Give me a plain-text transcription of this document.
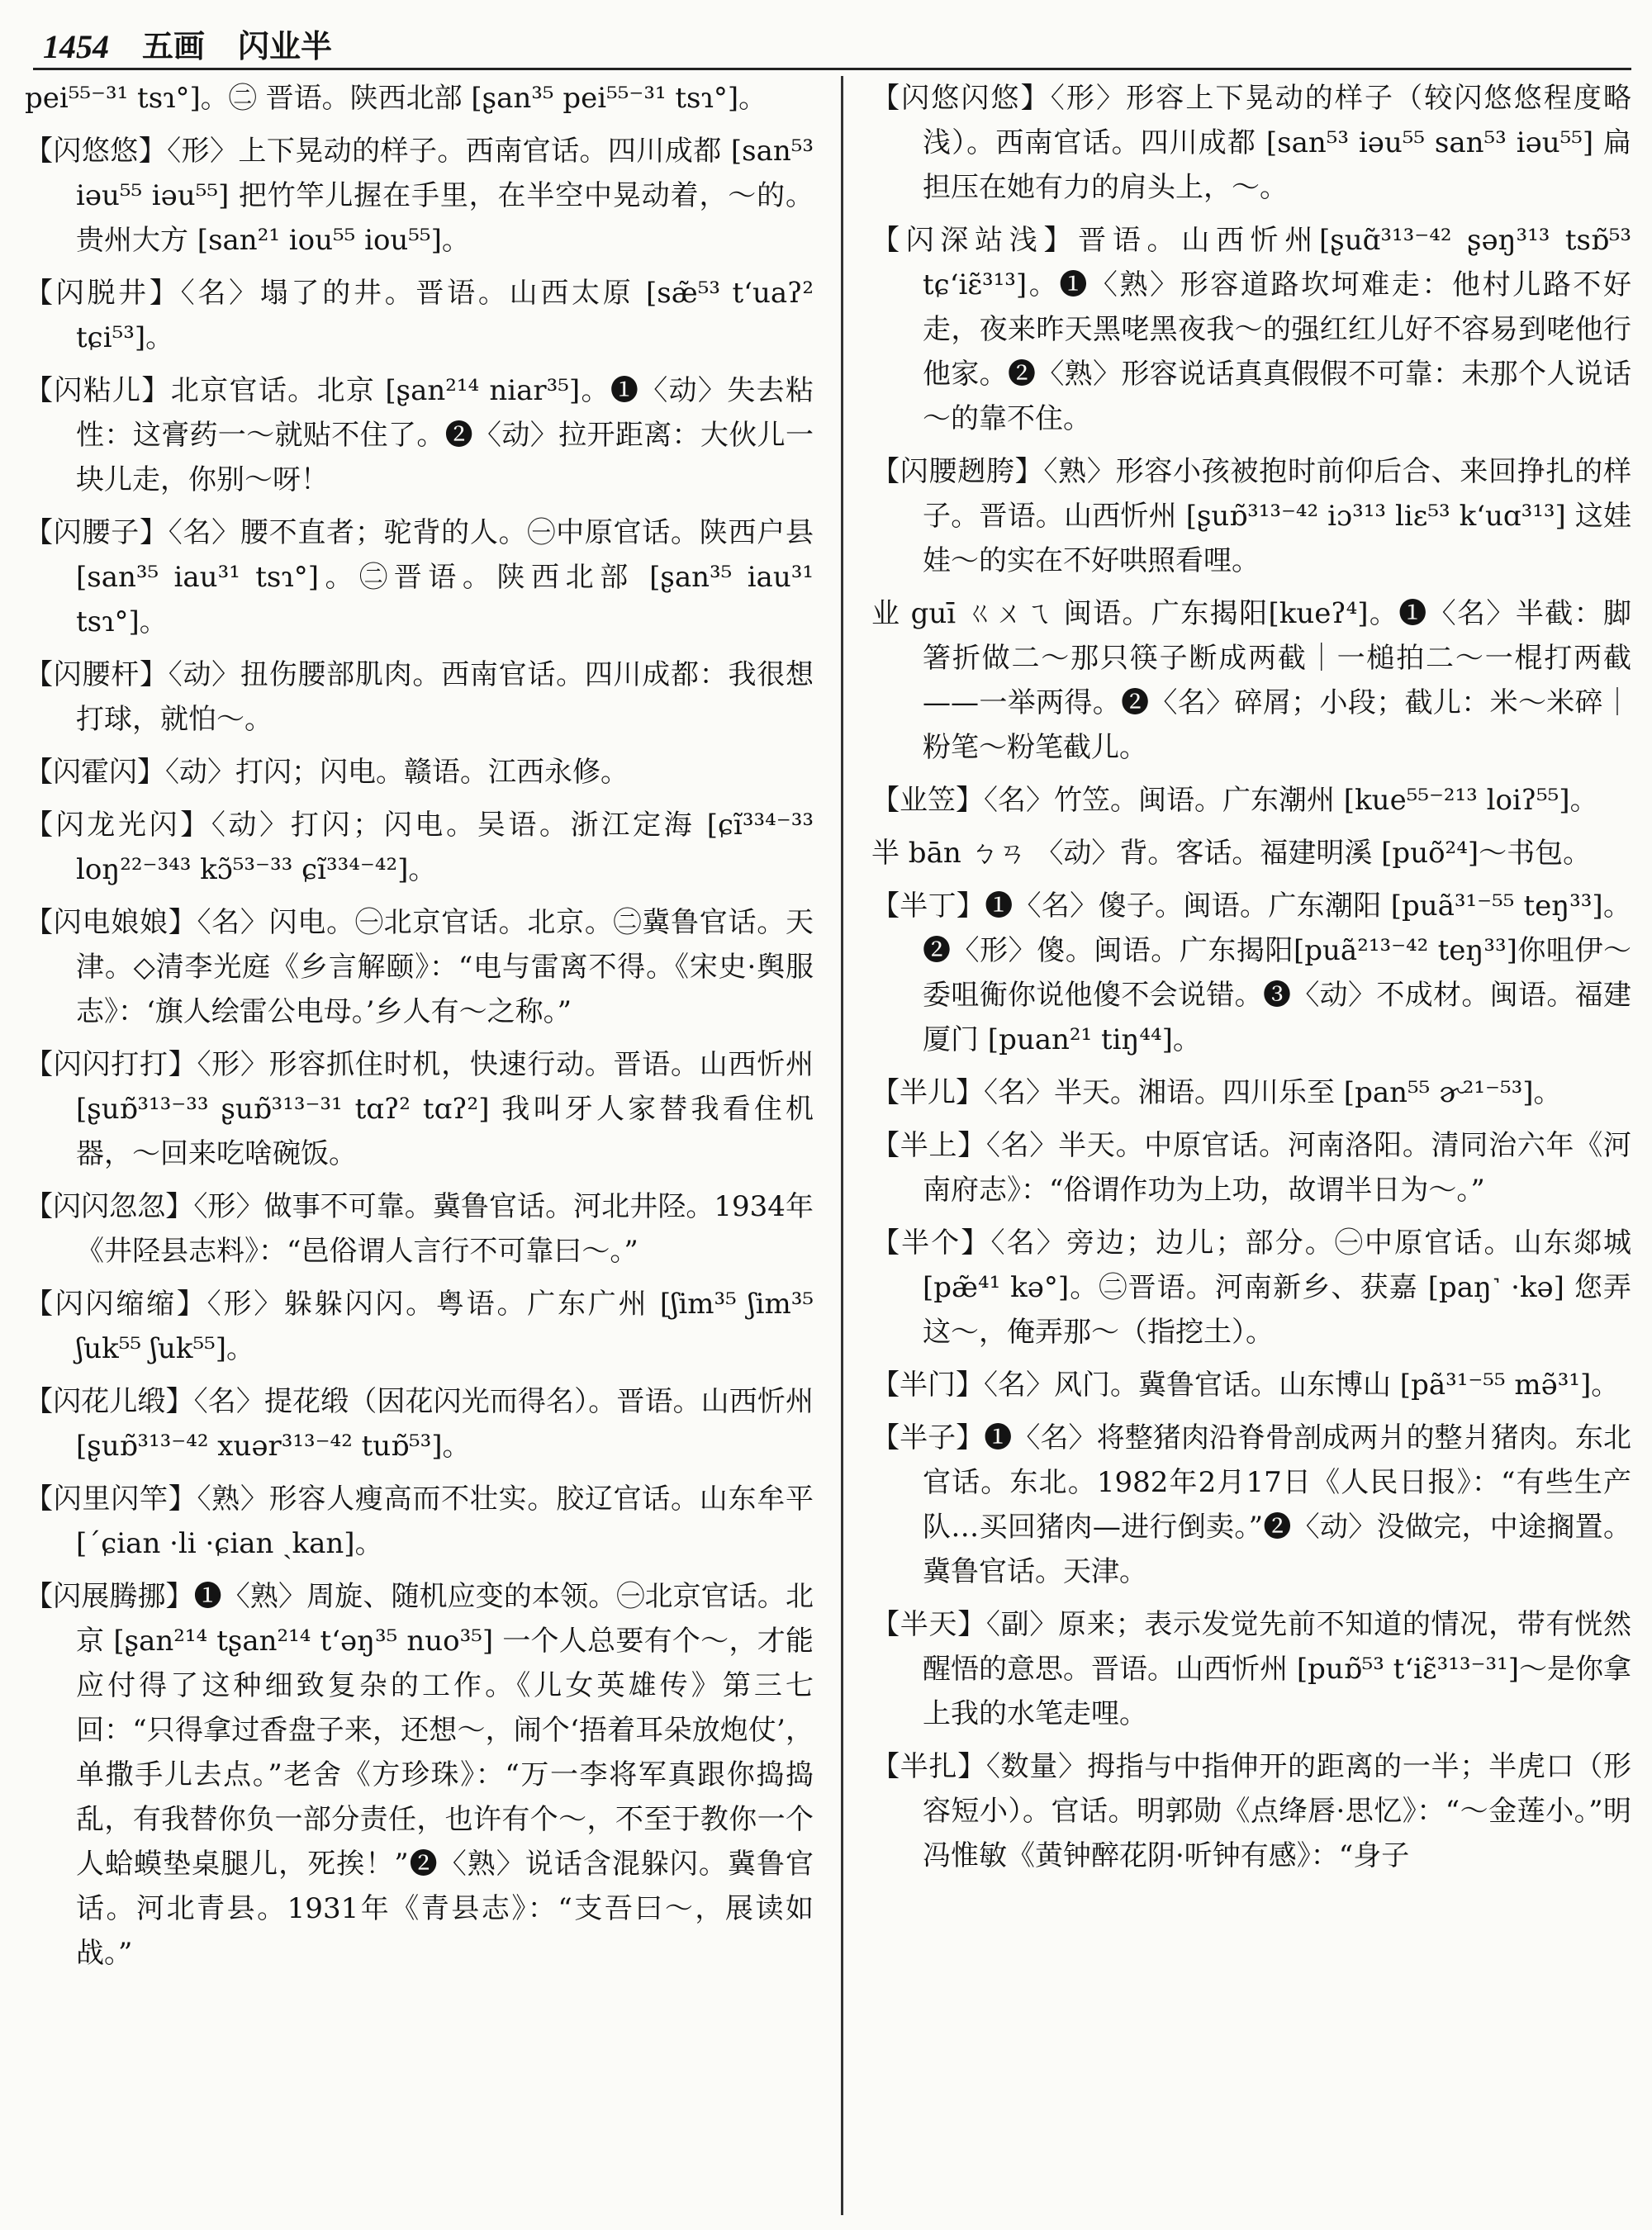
1454 五画 闪业半

pei⁵⁵⁻³¹ tsɿ°]。㊁ 晋语。陕西北部 [ʂan³⁵ pei⁵⁵⁻³¹ tsɿ°]。

【闪悠悠】〈形〉上下晃动的样子。西南官话。四川成都 [san⁵³ iəu⁵⁵ iəu⁵⁵] 把竹竿儿握在手里，在半空中晃动着，～的。贵州大方 [san²¹ iou⁵⁵ iou⁵⁵]。

【闪脱井】〈名〉塌了的井。晋语。山西太原 [sæ̃⁵³ tʻuaʔ² tɕi⁵³]。

【闪粘儿】北京官话。北京 [ʂan²¹⁴ niar³⁵]。❶〈动〉失去粘性：这膏药一～就贴不住了。❷〈动〉拉开距离：大伙儿一块儿走，你别～呀！

【闪腰子】〈名〉腰不直者；驼背的人。㊀中原官话。陕西户县 [san³⁵ iau³¹ tsɿ°]。㊁晋语。陕西北部 [ʂan³⁵ iau³¹ tsɿ°]。

【闪腰杆】〈动〉扭伤腰部肌肉。西南官话。四川成都：我很想打球，就怕～。

【闪霍闪】〈动〉打闪；闪电。赣语。江西永修。

【闪龙光闪】〈动〉打闪；闪电。吴语。浙江定海 [ɕĩ³³⁴⁻³³ loŋ²²⁻³⁴³ kɔ̃⁵³⁻³³ ɕĩ³³⁴⁻⁴²]。

【闪电娘娘】〈名〉闪电。㊀北京官话。北京。㊁冀鲁官话。天津。◇清李光庭《乡言解颐》：“电与雷离不得。《宋史·舆服志》：‘旗人绘雷公电母。’乡人有～之称。”

【闪闪打打】〈形〉形容抓住时机，快速行动。晋语。山西忻州 [ʂuɒ̃³¹³⁻³³ ʂuɒ̃³¹³⁻³¹ tɑʔ² tɑʔ²] 我叫牙人家替我看住机器，～回来吃啥碗饭。

【闪闪忽忽】〈形〉做事不可靠。冀鲁官话。河北井陉。1934年《井陉县志料》：“邑俗谓人言行不可靠曰～。”

【闪闪缩缩】〈形〉躲躲闪闪。粤语。广东广州 [ʃim³⁵ ʃim³⁵ ʃuk⁵⁵ ʃuk⁵⁵]。

【闪花儿缎】〈名〉提花缎（因花闪光而得名）。晋语。山西忻州 [ʂuɒ̃³¹³⁻⁴² xuər³¹³⁻⁴² tuɒ̃⁵³]。

【闪里闪竿】〈熟〉形容人瘦高而不壮实。胶辽官话。山东牟平 [ˊɕian ·li ·ɕian ˏkan]。

【闪展腾挪】❶〈熟〉周旋、随机应变的本领。㊀北京官话。北京 [ʂan²¹⁴ tʂan²¹⁴ tʻəŋ³⁵ nuo³⁵] 一个人总要有个～，才能应付得了这种细致复杂的工作。《儿女英雄传》第三七回：“只得拿过香盘子来，还想～，闹个‘捂着耳朵放炮仗’，单撒手儿去点。”老舍《方珍珠》：“万一李将军真跟你捣捣乱，有我替你负一部分责任，也许有个～，不至于教你一个人蛤蟆垫桌腿儿，死挨！”❷〈熟〉说话含混躲闪。冀鲁官话。河北青县。1931年《青县志》：“支吾曰～，展读如战。”

【闪悠闪悠】〈形〉形容上下晃动的样子（较闪悠悠程度略浅）。西南官话。四川成都 [san⁵³ iəu⁵⁵ san⁵³ iəu⁵⁵] 扁担压在她有力的肩头上，～。

【闪深站浅】晋语。山西忻州[ʂuɑ̃³¹³⁻⁴² ʂəŋ³¹³ tsɒ̃⁵³ tɕʻiɛ̃³¹³]。❶〈熟〉形容道路坎坷难走：他村儿路不好走，夜来昨天黑咾黑夜我～的强红红儿好不容易到咾他行他家。❷〈熟〉形容说话真真假假不可靠：未那个人说话～的靠不住。

【闪腰趔胯】〈熟〉形容小孩被抱时前仰后合、来回挣扎的样子。晋语。山西忻州 [ʂuɒ̃³¹³⁻⁴² iɔ³¹³ liɛ⁵³ kʻuɑ³¹³] 这娃娃～的实在不好哄照看哩。

业 guī ㄍㄨㄟ 闽语。广东揭阳[kueʔ⁴]。❶〈名〉半截：脚箸折做二～那只筷子断成两截｜一槌拍二～一棍打两截——一举两得。❷〈名〉碎屑；小段；截儿：米～米碎｜粉笔～粉笔截儿。

【业笠】〈名〉竹笠。闽语。广东潮州 [kue⁵⁵⁻²¹³ loiʔ⁵⁵]。

半 bān ㄅㄢ 〈动〉背。客话。福建明溪 [puõ²⁴]～书包。

【半丁】❶〈名〉傻子。闽语。广东潮阳 [puã³¹⁻⁵⁵ teŋ³³]。❷〈形〉傻。闽语。广东揭阳[puã²¹³⁻⁴² teŋ³³]你咀伊～委咀䚘你说他傻不会说错。❸〈动〉不成材。闽语。福建厦门 [puan²¹ tiŋ⁴⁴]。

【半儿】〈名〉半天。湘语。四川乐至 [pan⁵⁵ ɚ²¹⁻⁵³]。

【半上】〈名〉半天。中原官话。河南洛阳。清同治六年《河南府志》：“俗谓作功为上功，故谓半日为～。”

【半个】〈名〉旁边；边儿；部分。㊀中原官话。山东郯城 [pæ̃⁴¹ kə°]。㊁晋语。河南新乡、获嘉 [paŋ˺ ·kə] 您弄这～，俺弄那～（指挖土）。

【半门】〈名〉风门。冀鲁官话。山东博山 [pã³¹⁻⁵⁵ mə̃³¹]。

【半子】❶〈名〉将整猪肉沿脊骨剖成两爿的整爿猪肉。东北官话。东北。1982年2月17日《人民日报》：“有些生产队…买回猪肉—进行倒卖。”❷〈动〉没做完，中途搁置。冀鲁官话。天津。

【半天】〈副〉原来；表示发觉先前不知道的情况，带有恍然醒悟的意思。晋语。山西忻州 [puɒ̃⁵³ tʻiɛ̃³¹³⁻³¹]～是你拿上我的水笔走哩。

【半扎】〈数量〉拇指与中指伸开的距离的一半；半虎口（形容短小）。官话。明郭勋《点绛唇·思忆》：“～金莲小。”明冯惟敏《黄钟醉花阴·听钟有感》：“身子
